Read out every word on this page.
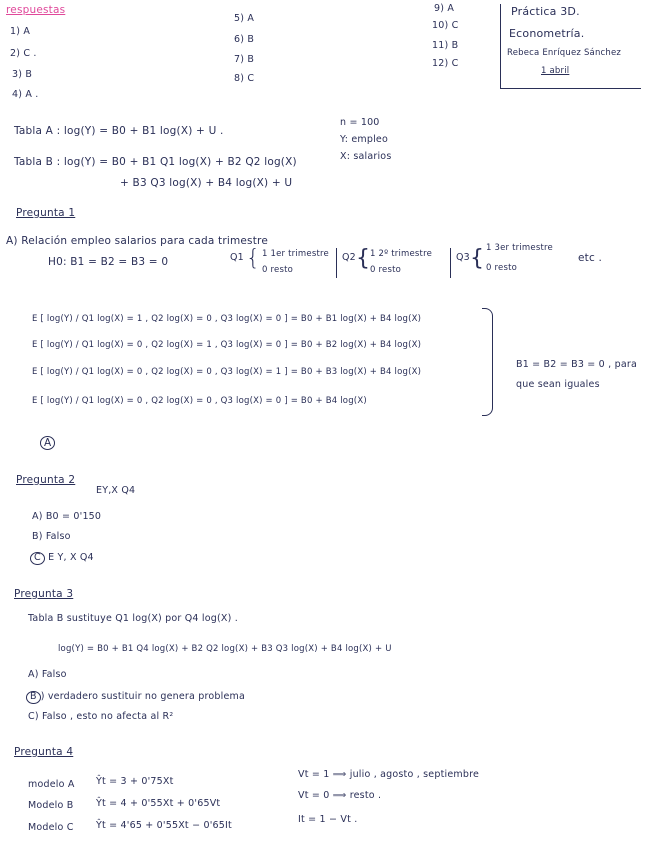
respuestas
1) A
2) C .
3) B
4) A .
5) A
6) B
7) B
8) C
9) A
10) C
11) B
12) C
Práctica 3D.
Econometría.
Rebeca Enríquez Sánchez
1 abril
Tabla A : log(Y) = B0 + B1 log(X) + U .
n = 100
Y: empleo
X: salarios
Tabla B : log(Y) = B0 + B1 Q1 log(X) + B2 Q2 log(X)
+ B3 Q3 log(X) + B4 log(X) + U
Pregunta 1
A) Relación empleo salarios para cada trimestre
H0: B1 = B2 = B3 = 0	Q1 { 1 1er trimestre
0 resto
Q2 { 1 2º trimestre
0 resto
Q3 { 1 3er trimestre
0 resto
etc .
E [ log(Y) / Q1 log(X) = 1 , Q2 log(X) = 0 , Q3 log(X) = 0 ] = B0 + B1 log(X) + B4 log(X)
E [ log(Y) / Q1 log(X) = 0 , Q2 log(X) = 1 , Q3 log(X) = 0 ] = B0 + B2 log(X) + B4 log(X)
E [ log(Y) / Q1 log(X) = 0 , Q2 log(X) = 0 , Q3 log(X) = 1 ] = B0 + B3 log(X) + B4 log(X)
E [ log(Y) / Q1 log(X) = 0 , Q2 log(X) = 0 , Q3 log(X) = 0 ] = B0 + B4 log(X)
B1 = B2 = B3 = 0 , para
que sean iguales
A
Pregunta 2
EY,X Q4
A) B0 = 0'150
B) Falso
C E Y, X Q4
Pregunta 3
Tabla B sustituye Q1 log(X) por Q4 log(X) .
log(Y) = B0 + B1 Q4 log(X) + B2 Q2 log(X) + B3 Q3 log(X) + B4 log(X) + U
A) Falso
B ) verdadero sustituir no genera problema
C) Falso , esto no afecta al R²
Pregunta 4
modelo A Ŷt = 3 + 0'75Xt
Modelo B Ŷt = 4 + 0'55Xt + 0'65Vt
Modelo C Ŷt = 4'65 + 0'55Xt − 0'65It
Vt = 1 ⟹ julio , agosto , septiembre
Vt = 0 ⟹ resto .
It = 1 − Vt .
